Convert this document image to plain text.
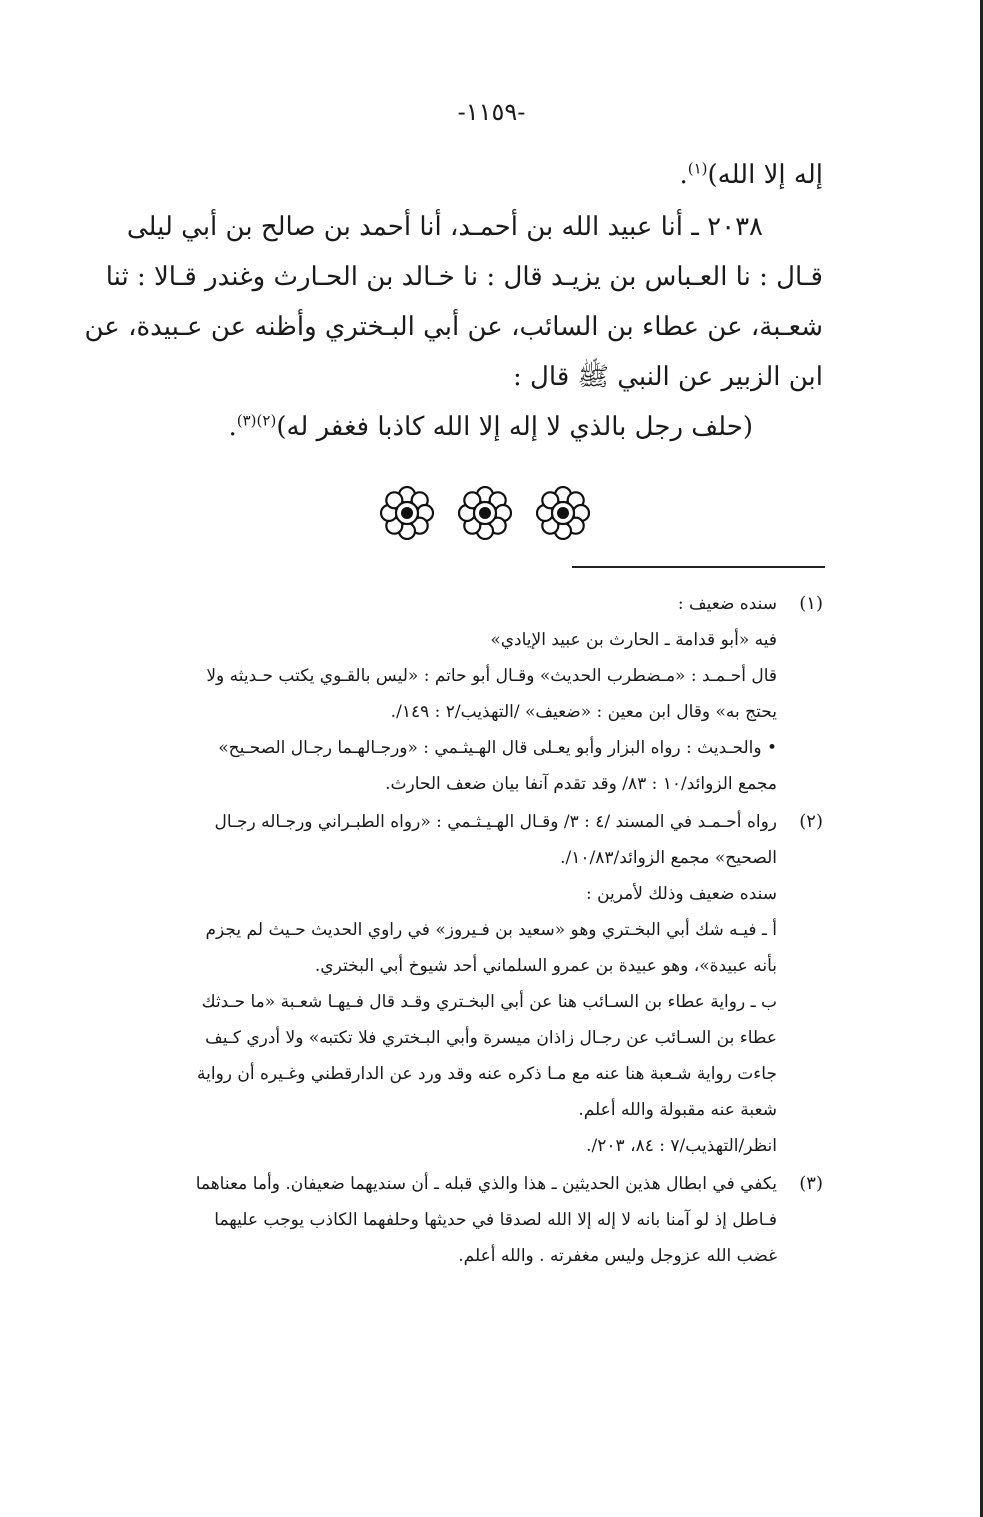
-١١٥٩-
إله إلا الله)$^{(١)}$.
٢٠٣٨ ـ أنا عبيد الله بن أحمـد، أنا أحمد بن صالح بن أبي ليلى
قـال : نا العـباس بن يزيـد قال : نا خـالد بن الحـارث وغندر قـالا : ثنا
شعـبة، عن عطاء بن السائب، عن أبي البـختري وأظنه عن عـبيدة، عن
ابن الزبير عن النبي ﷺ قال :
(حلف رجل بالذي لا إله إلا الله كاذبا فغفر له)$^{(٢)(٣)}$.
(١)
سنده ضعيف :
فيه «أبو قدامة ـ الحارث بن عبيد الإيادي»
قال أحـمـد : «مـضطرب الحديث» وقـال أبو حاتم : «ليس بالقـوي يكتب حـديثه ولا
يحتج به» وقال ابن معين : «ضعيف» /التهذيب/٢ : ١٤٩/.
• والحـديث : رواه البزار وأبو يعـلى قال الهـيثـمي : «ورجـالهـما رجـال الصحـيح»
مجمع الزوائد/١٠ : ٨٣/ وقد تقدم آنفا بيان ضعف الحارث.
(٢)
رواه أحـمـد في المسند /٤ : ٣/ وقـال الهـيـثـمي : «رواه الطبـراني ورجـاله رجـال
الصحيح» مجمع الزوائد/١٠/٨٣/.
سنده ضعيف وذلك لأمرين :
أ ـ فيـه شك أبي البخـتري وهو «سعيد بن فـيروز» في راوي الحديث حـيث لم يجزم
بأنه عبيدة»، وهو عبيدة بن عمرو السلماني أحد شيوخ أبي البختري.
ب ـ رواية عطاء بن السـائب هنا عن أبي البخـتري وقـد قال فـيهـا شعـبة «ما حـدثك
عطاء بن السـائب عن رجـال زاذان ميسرة وأبي البـختري فلا تكتبه» ولا أدري كـيف
جاءت رواية شـعبة هنا عنه مع مـا ذكره عنه وقد ورد عن الدارقطني وغـيره أن رواية
شعبة عنه مقبولة والله أعلم.
انظر/التهذيب/٧ : ٨٤، ٢٠٣/.
(٣)
يكفي في ابطال هذين الحديثين ـ هذا والذي قبله ـ أن سنديهما ضعيفان. وأما معناهما
فـاطل إذ لو آمنا بانه لا إله إلا الله لصدقا في حديثها وحلفهما الكاذب يوجب عليهما
غضب الله عزوجل وليس مغفرته . والله أعلم.
